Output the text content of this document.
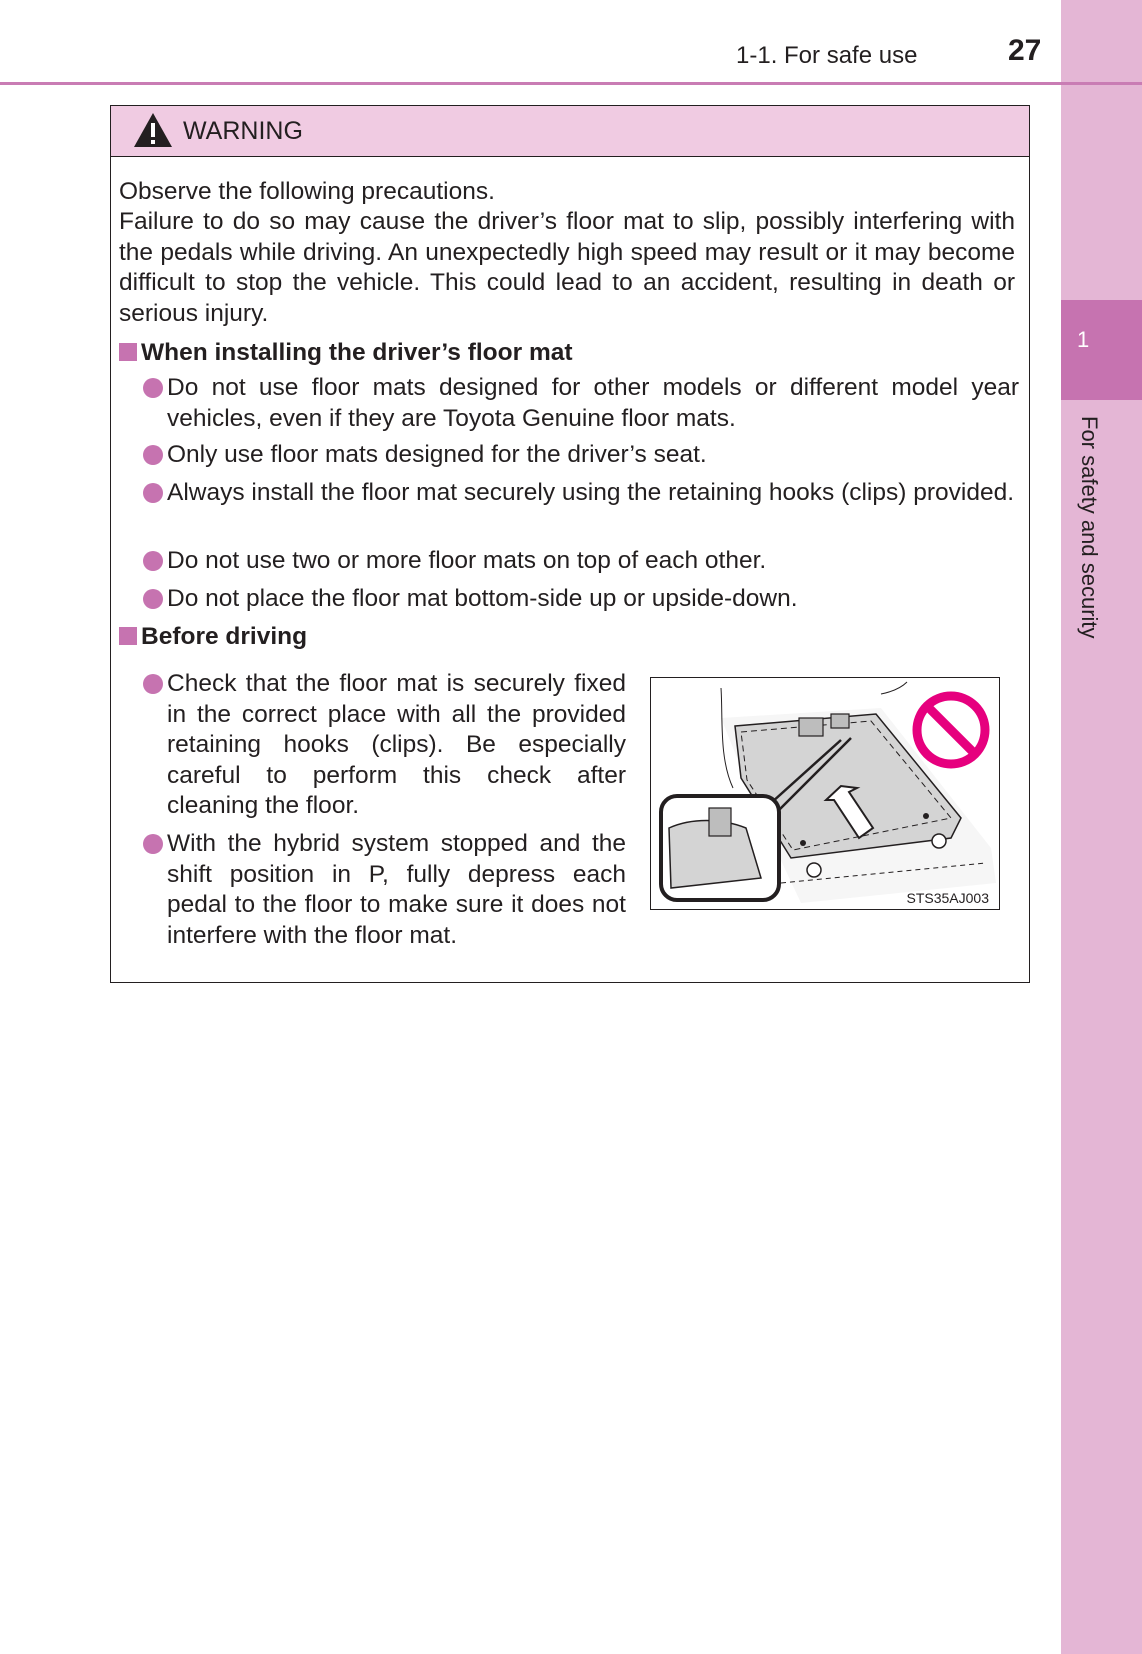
1
For safety and security
1-1. For safe use	27
WARNING
Observe the following precautions.
Failure to do so may cause the driver’s floor mat to slip, possibly interfering with the pedals while driving. An unexpectedly high speed may result or it may become difficult to stop the vehicle. This could lead to an accident, resulting in death or serious injury.
When installing the driver’s floor mat
Do not use floor mats designed for other models or different model year vehicles, even if they are Toyota Genuine floor mats.
Only use floor mats designed for the driver’s seat.
Always install the floor mat securely using the retaining hooks (clips) provided.
Do not use two or more floor mats on top of each other.
Do not place the floor mat bottom-side up or upside-down.
Before driving
Check that the floor mat is securely fixed in the correct place with all the provided retaining hooks (clips). Be especially careful to perform this check after cleaning the floor.
With the hybrid system stopped and the shift position in P, fully depress each pedal to the floor to make sure it does not interfere with the floor mat.
STS35AJ003
